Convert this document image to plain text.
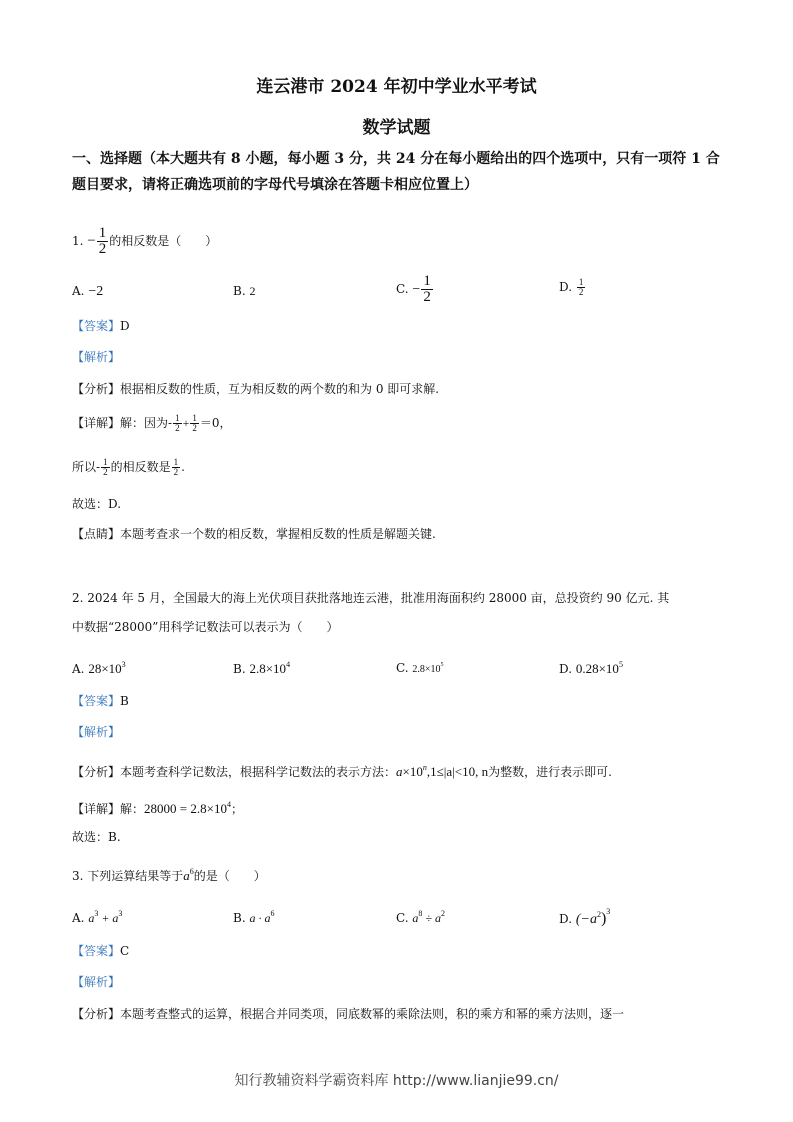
连云港市 2024 年初中学业水平考试
数学试题
一、选择题（本大题共有 8 小题，每小题 3 分，共 24 分在每小题给出的四个选项中，只有一项符 1 合题目要求，请将正确选项前的字母代号填涂在答题卡相应位置上）
1. − $\frac{1}{2}$ 的相反数是（　　）
A. −2	B. 2	C. − $\frac{1}{2}$	D. $\frac{1}{2}$
【答案】D
【解析】
【分析】根据相反数的性质，互为相反数的两个数的和为 0 即可求解.
【详解】解：因为- $\frac{1}{2} + \frac{1}{2} =0$，
所以- $\frac{1}{2}$ 的相反数是 $\frac{1}{2}$ .
故选：D.
【点睛】本题考查求一个数的相反数，掌握相反数的性质是解题关键.
2. 2024 年 5 月，全国最大的海上光伏项目获批落地连云港，批准用海面积约 28000 亩，总投资约 90 亿元. 其
中数据“28000”用科学记数法可以表示为（　　）
A. $28\times 10^3$	B. $2.8\times 10^4$	C. $2.8\times 10^5$	D. $0.28\times 10^5$
【答案】B
【解析】
【分析】本题考查科学记数法，根据科学记数法的表示方法：$a\times 10^n,1\le|a|<10$, n为整数，进行表示即可.
【详解】解：$28000 = 2.8\times 10^4$；
故选：B.
3. 下列运算结果等于$a^6$的是（　　）
A. $a^3 + a^3$	B. $a \cdot a^6$	C. $a^8 \div a^2$	D. $(-a^2)^3$
【答案】C
【解析】
【分析】本题考查整式的运算，根据合并同类项，同底数幂的乘除法则，积的乘方和幂的乘方法则，逐一
知行教辅资料学霸资料库 http://www.lianjie99.cn/
